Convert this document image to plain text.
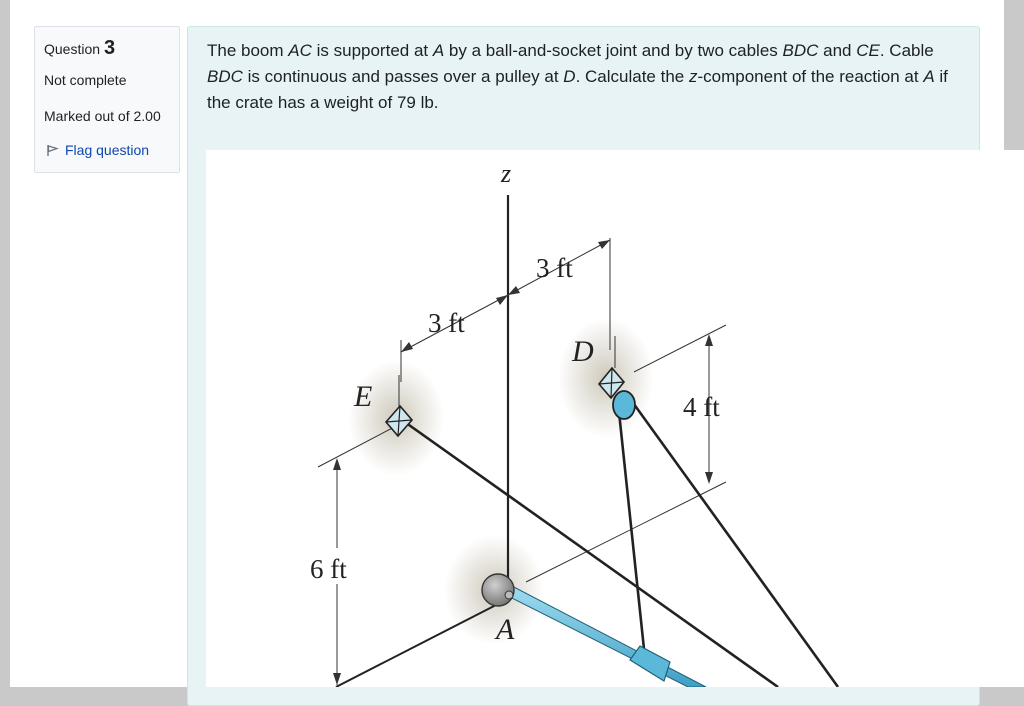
Question 3
Not complete
Marked out of 2.00
Flag question
The boom AC is supported at A by a ball-and-socket joint and by two cables BDC and CE. Cable BDC is continuous and passes over a pulley at D. Calculate the z-component of the reaction at A if the crate has a weight of 79 lb.
z
3 ft
3 ft
4 ft
6 ft
E
D
A
